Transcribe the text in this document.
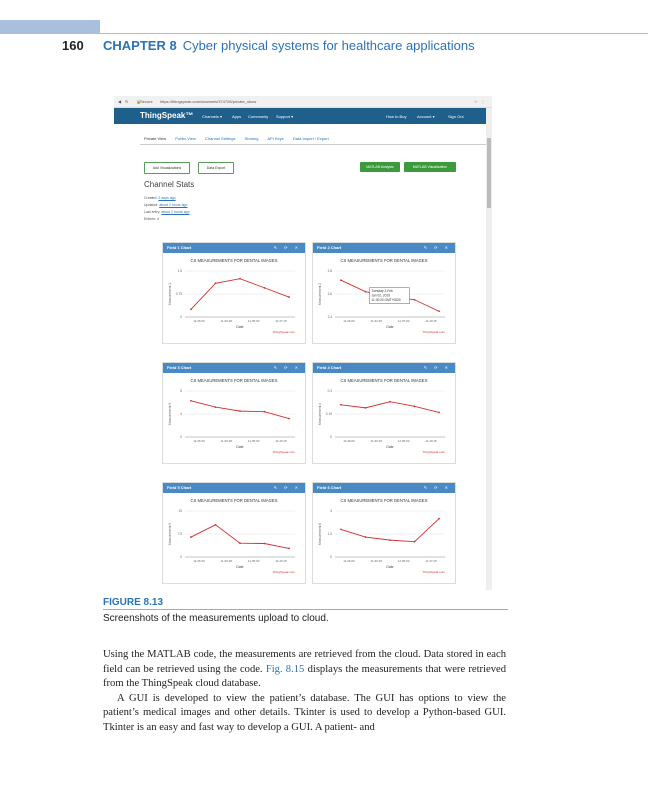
160 CHAPTER 8 Cyber physical systems for healthcare applications
◀ ↻ 🔒 Secure https://thingspeak.com/channels/374708/private_show	☆ ⋮
ThingSpeak™ Channels ▾ Apps Community Support ▾	How to Buy	Account ▾	Sign Out
Private View Public View Channel Settings Sharing API Keys Data Import / Export
Add Visualizations	Data Export	MATLAB Analysis	MATLAB Visualization
Channel Stats
Created: 2 days ago
Updated: about 2 hours ago
Last entry: about 2 hours ago
Entries: 4
Field 1 Chart	✎ ⟳ ✕
CS MEASUREMENTS FOR DENTAL IMAGES
0
0.75
1.5
Measurement 1
11:26:00	11:30:00	11:35:00	11:37:15
Date
ThingSpeak.com
Field 2 Chart	✎ ⟳ ✕
CS MEASUREMENTS FOR DENTAL IMAGES
2.4
2.6
2.8
Measurement 2
11:26:00	11:32:45	11:37:00	11:40:15
Date
ThingSpeak.com
Tuesday 2-Feb
Jan 02, 2019
11:30:00 GMT+0530
Field 3 Chart	✎ ⟳ ✕
CS MEASUREMENTS FOR DENTAL IMAGES
0
4
8
Measurement 3
11:26:30	11:30:45	11:35:00	11:40:15
Date
ThingSpeak.com
Field 4 Chart	✎ ⟳ ✕
CS MEASUREMENTS FOR DENTAL IMAGES
0
0.15
0.3
Measurement 4
11:30:00	11:30:45	11:35:00	11:40:15
Date
ThingSpeak.com
Field 5 Chart	✎ ⟳ ✕
CS MEASUREMENTS FOR DENTAL IMAGES
0
7.5
15
Measurement 5
11:26:30	11:30:45	11:35:00	11:40:15
Date
ThingSpeak.com
Field 6 Chart	✎ ⟳ ✕
CS MEASUREMENTS FOR DENTAL IMAGES
0
1.5
3
Measurement 6
11:26:00	11:30:45	11:35:00	11:37:15
Date
ThingSpeak.com
FIGURE 8.13
Screenshots of the measurements upload to cloud.

Using the MATLAB code, the measurements are retrieved from the cloud. Data stored in each field can be retrieved using the code. Fig. 8.15 displays the measurements that were retrieved from the ThingSpeak cloud database.

A GUI is developed to view the patient’s database. The GUI has options to view the patient’s medical images and other details. Tkinter is used to develop a Python-based GUI. Tkinter is an easy and fast way to develop a GUI. A patient- and
